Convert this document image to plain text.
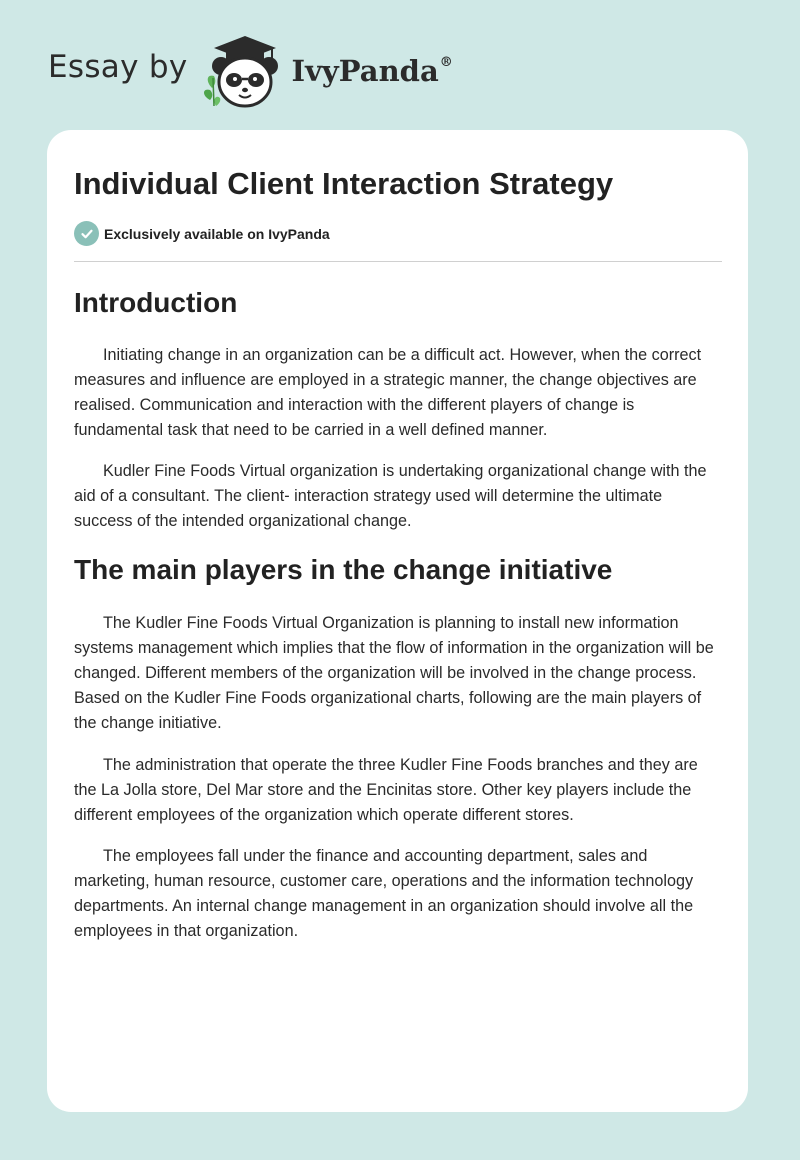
Essay by	IvyPanda®
Individual Client Interaction Strategy
Exclusively available on IvyPanda
Introduction

Initiating change in an organization can be a difficult act. However, when the correct measures and influence are employed in a strategic manner, the change objectives are realised. Communication and interaction with the different players of change is fundamental task that need to be carried in a well defined manner.

Kudler Fine Foods Virtual organization is undertaking organizational change with the aid of a consultant. The client- interaction strategy used will determine the ultimate success of the intended organizational change.

The main players in the change initiative

The Kudler Fine Foods Virtual Organization is planning to install new information systems management which implies that the flow of information in the organization will be changed. Different members of the organization will be involved in the change process. Based on the Kudler Fine Foods organizational charts, following are the main players of the change initiative.

The administration that operate the three Kudler Fine Foods branches and they are the La Jolla store, Del Mar store and the Encinitas store. Other key players include the different employees of the organization which operate different stores.

The employees fall under the finance and accounting department, sales and marketing, human resource, customer care, operations and the information technology departments. An internal change management in an organization should involve all the employees in that organization.
